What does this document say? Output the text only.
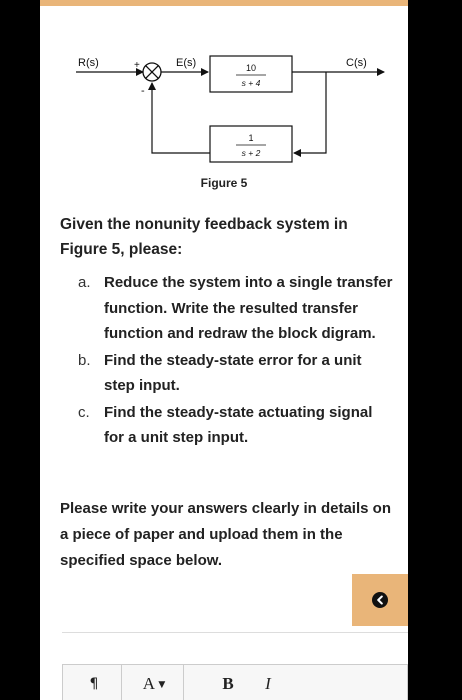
R(s)	+
-
E(s)	10
s + 4
C(s)
1
s + 2
Figure 5
Given the nonunity feedback system in Figure 5, please:
a. Reduce the system into a single transfer function. Write the resulted transfer function and redraw the block digram.
b. Find the steady-state error for a unit step input.
c. Find the steady-state actuating signal for a unit step input.
Please write your answers clearly in details on a piece of paper and upload them in the specified space below.
¶	A ▼	B	I
